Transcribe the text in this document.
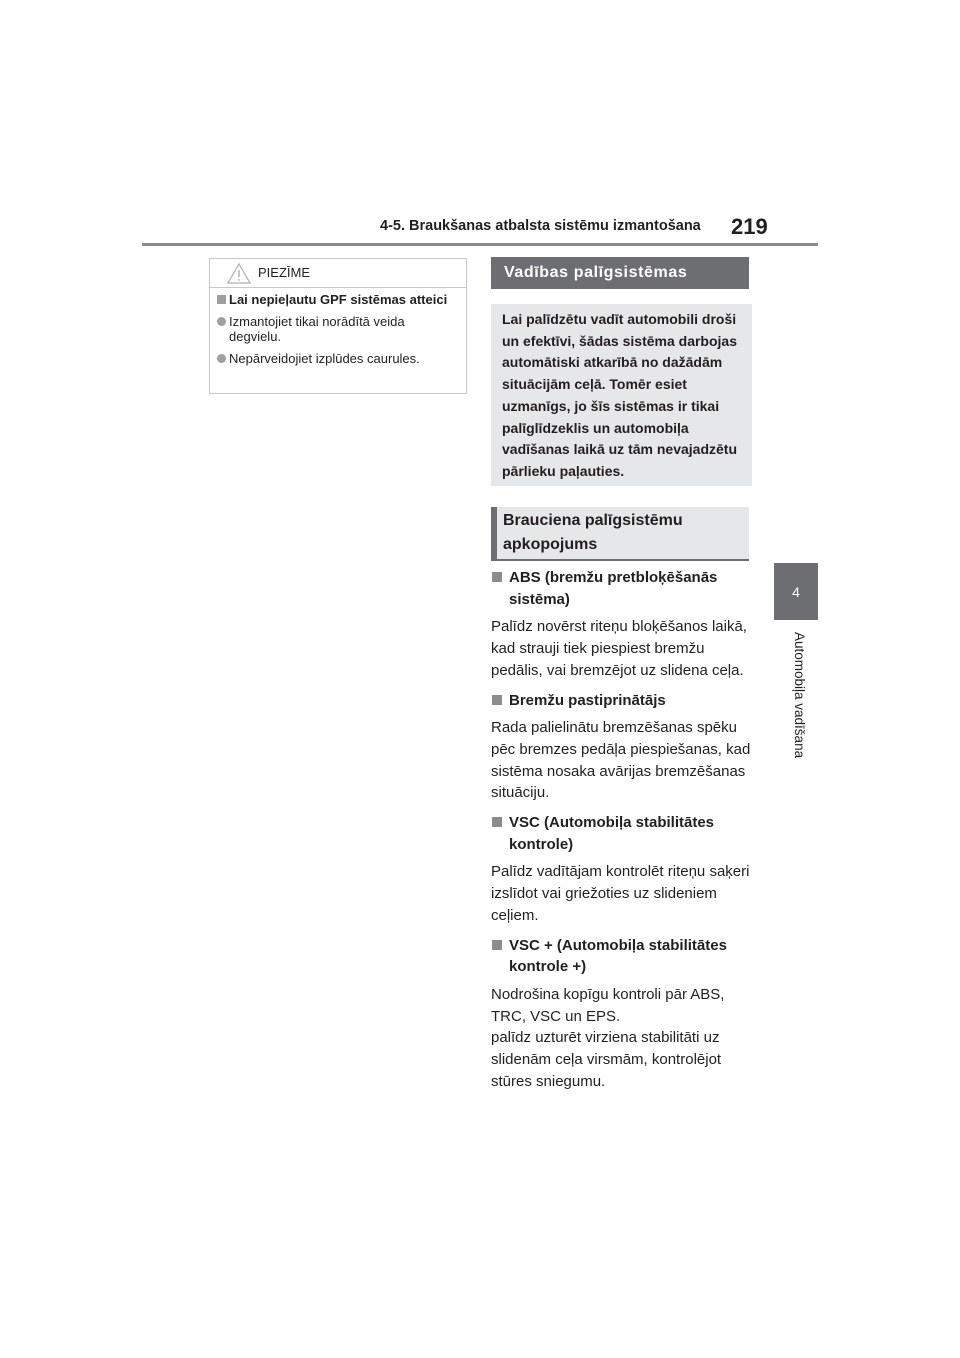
4-5. Braukšanas atbalsta sistēmu izmantošana 219
4
Automobiļa vadīšana
PIEZĪME
Lai nepieļautu GPF sistēmas atteici
Izmantojiet tikai norādītā veida degvielu.
Nepārveidojiet izplūdes caurules.
Vadības palīgsistēmas
Lai palīdzētu vadīt automobili droši un efektīvi, šādas sistēma darbojas automātiski atkarībā no dažādām situācijām ceļā. Tomēr esiet uzmanīgs, jo šīs sistēmas ir tikai palīglīdzeklis un automobiļa vadīšanas laikā uz tām nevajadzētu pārlieku paļauties.
Brauciena palīgsistēmu apkopojums
ABS (bremžu pretbloķēšanās sistēma)
Palīdz novērst riteņu bloķēšanos laikā, kad strauji tiek piespiest bremžu pedālis, vai bremzējot uz slidena ceļa.
Bremžu pastiprinātājs
Rada palielinātu bremzēšanas spēku pēc bremzes pedāļa piespiešanas, kad sistēma nosaka avārijas bremzēšanas situāciju.
VSC (Automobiļa stabilitātes kontrole)
Palīdz vadītājam kontrolēt riteņu saķeri izslīdot vai griežoties uz slideniem ceļiem.
VSC + (Automobiļa stabilitātes kontrole +)
Nodrošina kopīgu kontroli pār ABS, TRC, VSC un EPS.
palīdz uzturēt virziena stabilitāti uz slidenām ceļa virsmām, kontrolējot stūres sniegumu.
